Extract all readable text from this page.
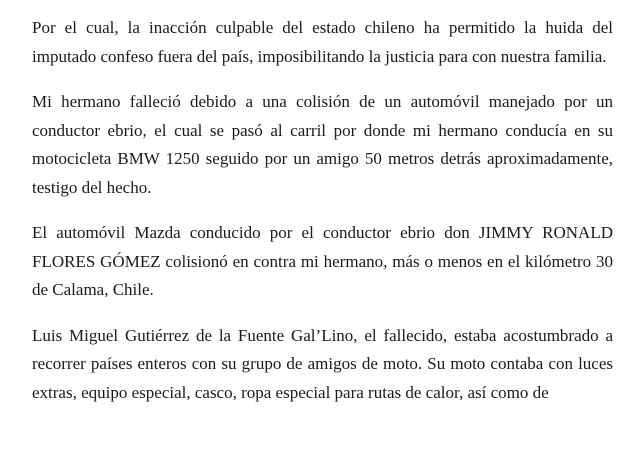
Por el cual, la inacción culpable del estado chileno ha permitido la huida del imputado confeso fuera del país, imposibilitando la justicia para con nuestra familia.

Mi hermano falleció debido a una colisión de un automóvil manejado por un conductor ebrio, el cual se pasó al carril por donde mi hermano conducía en su motocicleta BMW 1250 seguido por un amigo 50 metros detrás aproximadamente, testigo del hecho.

El automóvil Mazda conducido por el conductor ebrio don JIMMY RONALD FLORES GÓMEZ colisionó en contra mi hermano, más o menos en el kilómetro 30 de Calama, Chile.

Luis Miguel Gutiérrez de la Fuente Gal’Lino, el fallecido, estaba acostumbrado a recorrer países enteros con su grupo de amigos de moto. Su moto contaba con luces extras, equipo especial, casco, ropa especial para rutas de calor, así como de
